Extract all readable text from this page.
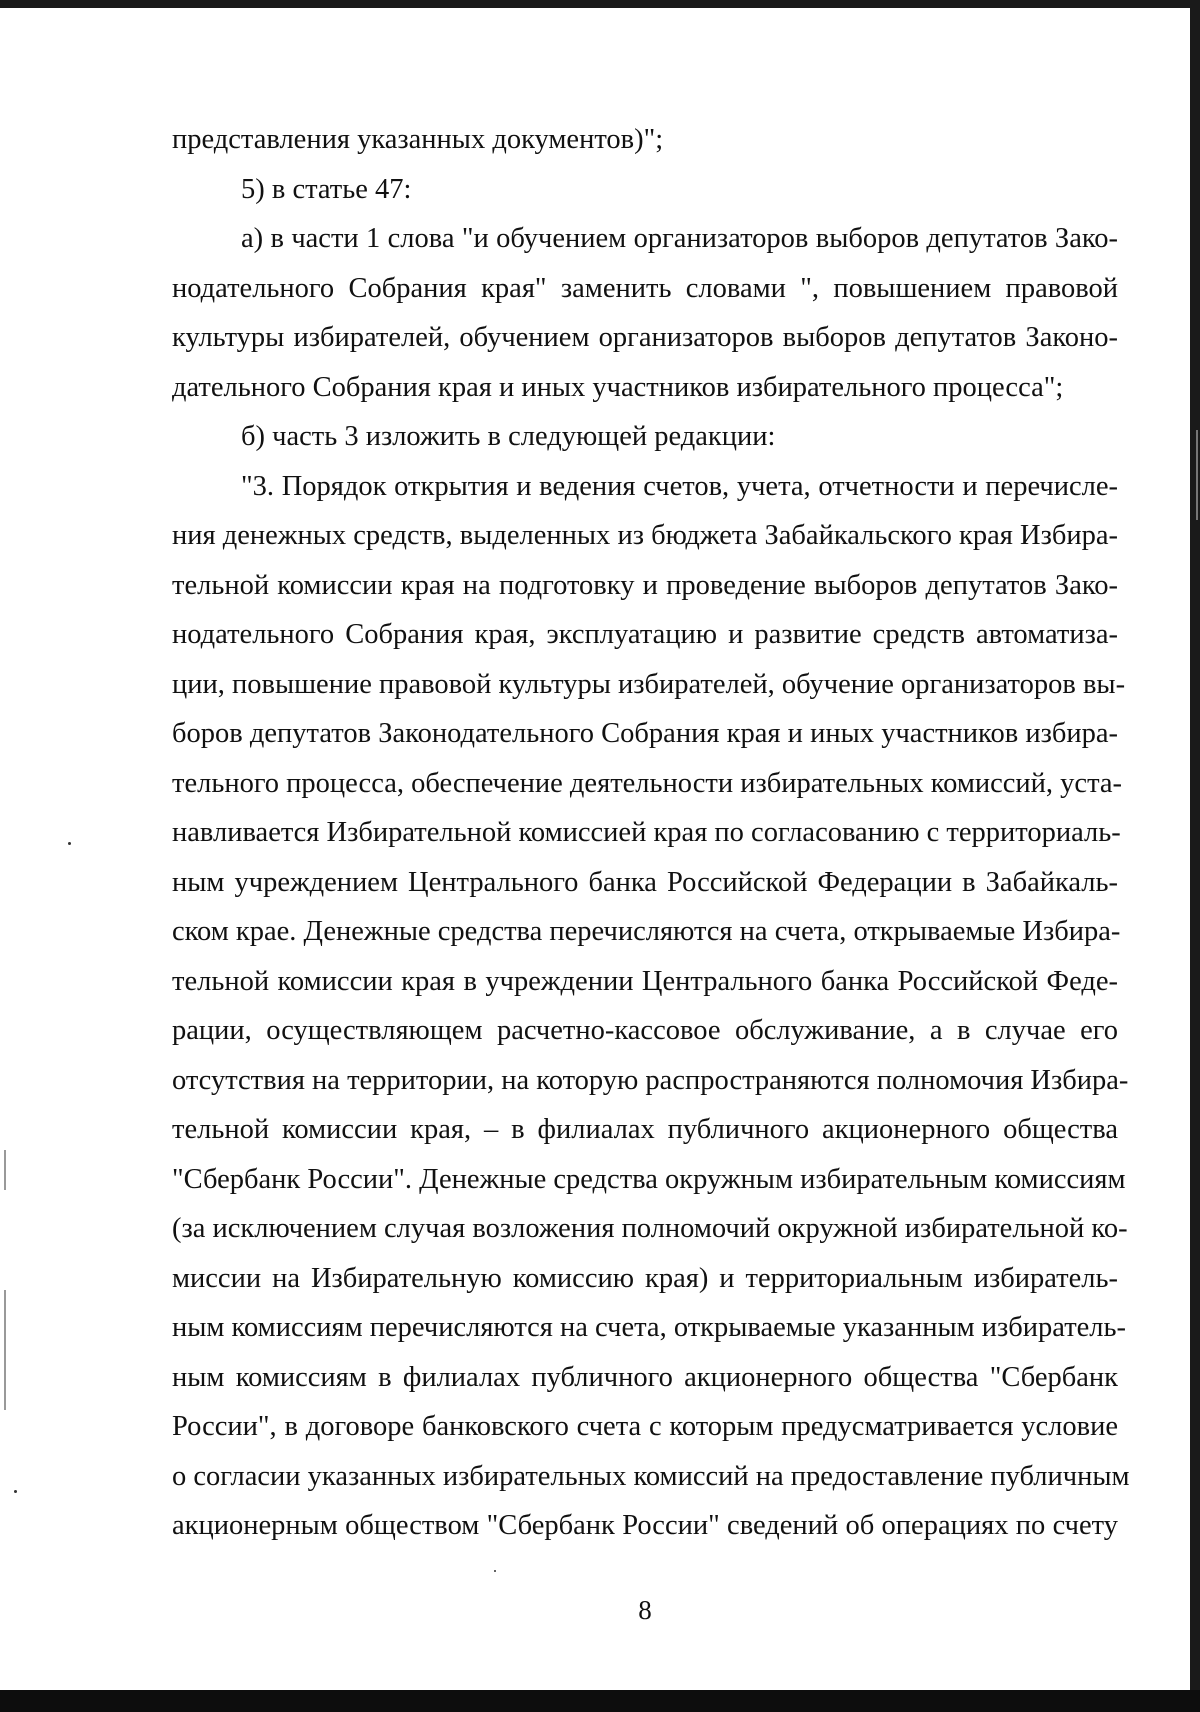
представления указанных документов)";
5) в статье 47:
а) в части 1 слова "и обучением организаторов выборов депутатов Зако-
нодательного Собрания края" заменить словами ", повышением правовой
культуры избирателей, обучением организаторов выборов депутатов Законо-
дательного Собрания края и иных участников избирательного процесса";
б) часть 3 изложить в следующей редакции:
"3. Порядок открытия и ведения счетов, учета, отчетности и перечисле-
ния денежных средств, выделенных из бюджета Забайкальского края Избира-
тельной комиссии края на подготовку и проведение выборов депутатов Зако-
нодательного Собрания края, эксплуатацию и развитие средств автоматиза-
ции, повышение правовой культуры избирателей, обучение организаторов вы-
боров депутатов Законодательного Собрания края и иных участников избира-
тельного процесса, обеспечение деятельности избирательных комиссий, уста-
навливается Избирательной комиссией края по согласованию с территориаль-
ным учреждением Центрального банка Российской Федерации в Забайкаль-
ском крае. Денежные средства перечисляются на счета, открываемые Избира-
тельной комиссии края в учреждении Центрального банка Российской Феде-
рации, осуществляющем расчетно-кассовое обслуживание, а в случае его
отсутствия на территории, на которую распространяются полномочия Избира-
тельной комиссии края, – в филиалах публичного акционерного общества
"Сбербанк России". Денежные средства окружным избирательным комиссиям
(за исключением случая возложения полномочий окружной избирательной ко-
миссии на Избирательную комиссию края) и территориальным избиратель-
ным комиссиям перечисляются на счета, открываемые указанным избиратель-
ным комиссиям в филиалах публичного акционерного общества "Сбербанк
России", в договоре банковского счета с которым предусматривается условие
о согласии указанных избирательных комиссий на предоставление публичным
акционерным обществом "Сбербанк России" сведений об операциях по счету
8
